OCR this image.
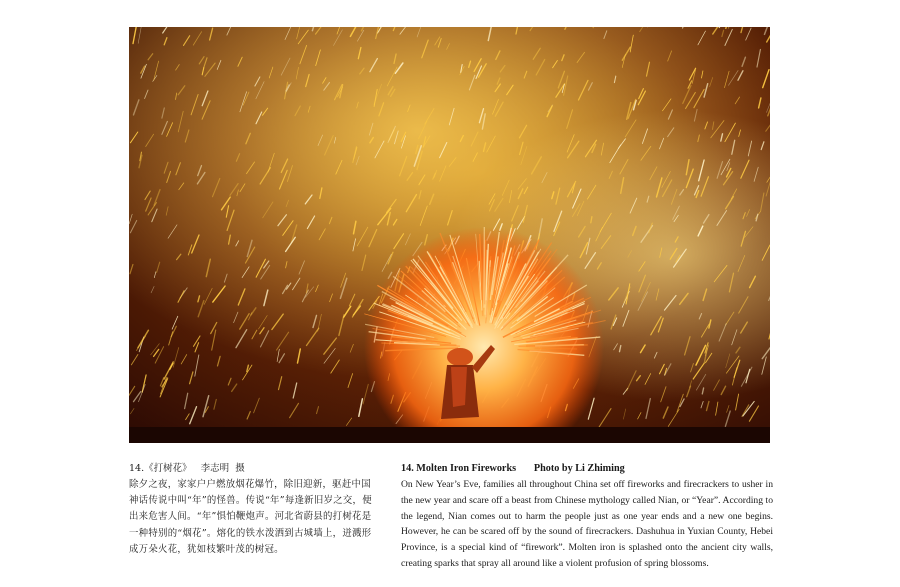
14.《打树花》   李志明  摄
除夕之夜，家家户户燃放烟花爆竹，除旧迎新，驱赶中国神话传说中叫“年”的怪兽。传说“年”每逢新旧岁之交，便出来危害人间。“年”惧怕鞭炮声。河北省蔚县的打树花是一种特别的“烟花”。熔化的铁水泼洒到古城墙上，迸溅形成万朵火花，犹如枝繁叶茂的树冠。
14. Molten Iron Fireworks       Photo by Li Zhiming
On New Year’s Eve, families all throughout China set off fireworks and firecrackers to usher in the new year and scare off a beast from Chinese mythology called Nian, or “Year”. According to the legend, Nian comes out to harm the people just as one year ends and a new one begins. However, he can be scared off by the sound of firecrackers. Dashuhua in Yuxian County, Hebei Province, is a special kind of “firework”. Molten iron is splashed onto the ancient city walls, creating sparks that spray all around like a violent profusion of spring blossoms.
